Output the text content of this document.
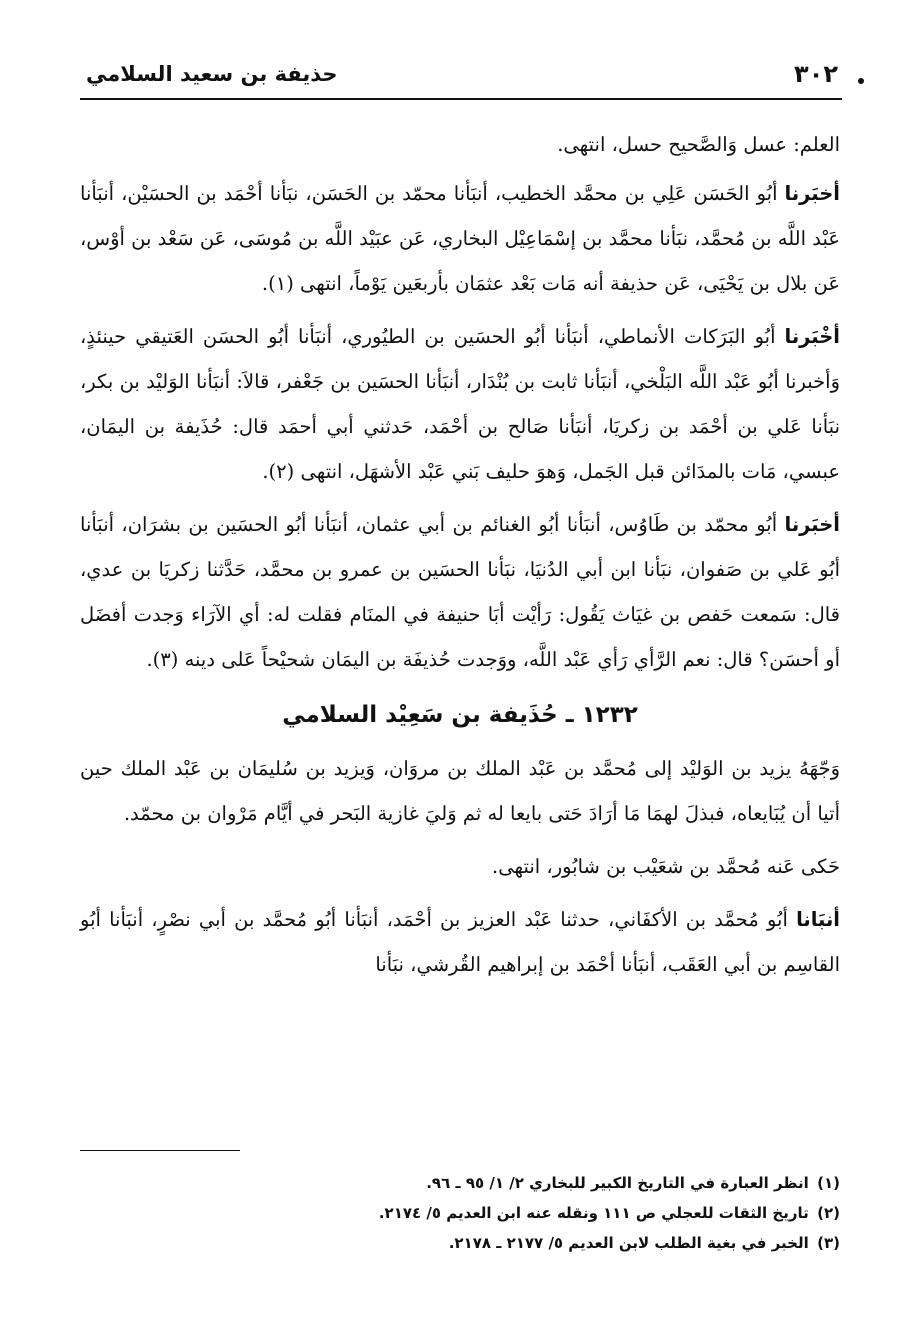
٣٠٢
حذيفة بن سعيد السلامي

العلم: عسل وَالصَّحيح حسل، انتهى.

أخبَرنا أبُو الحَسَن عَلِي بن محمَّد الخطيب، أنبَأنا محمّد بن الحَسَن، نبَأنا أحْمَد بن الحسَيْن، أنبَأنا عَبْد اللَّه بن مُحمَّد، نبَأنا محمَّد بن إسْمَاعِيْل البخاري، عَن عبَيْد اللَّه بن مُوسَى، عَن سَعْد بن أوْس، عَن بلال بن يَحْيَى، عَن حذيفة أنه مَات بَعْد عثمَان بأربعَين يَوْماً، انتهى (١).

أخْبَرنا أبُو البَرَكات الأنماطي، أنبَأنا أبُو الحسَين بن الطيُوري، أنبَأنا أبُو الحسَن العَتيقي حينئذٍ، وَأخبرنا أبُو عَبْد اللَّه البَلْخي، أنبَأنا ثابت بن بُنْدَار، أنبَأنا الحسَين بن جَعْفر، قالاَ: أنبَأنا الوَليْد بن بكر، نبَأنا عَلي بن أحْمَد بن زكريَا، أنبَأنا صَالح بن أحْمَد، حَدثني أبي أحمَد قال: حُذَيفة بن اليمَان، عبسي، مَات بالمدَائن قبل الجَمل، وَهوَ حليف بَني عَبْد الأشهَل، انتهى (٢).

أخبَرنا أبُو محمّد بن طَاوُس، أنبَأنا أبُو الغنائم بن أبي عثمان، أنبَأنا أبُو الحسَين بن بشرَان، أنبَأنا أبُو عَلي بن صَفوان، نبَأنا ابن أبي الدُنيَا، نبَأنا الحسَين بن عمرو بن محمَّد، حَدَّثنا زكريَا بن عدي، قال: سَمعت حَفص بن غيَاث يَقُول: رَأيْت أبَا حنيفة في المنَام فقلت له: أي الآرَاء وَجدت أفضَل أو أحسَن؟ قال: نعم الرَّأي رَأي عَبْد اللَّه، ووَجدت حُذيفَة بن اليمَان شحيْحاً عَلى دينه (٣).

١٢٣٢ ـ حُذَيفة بن سَعِيْد السلامي

وَجّهَهُ يزيد بن الوَليْد إلى مُحمَّد بن عَبْد الملك بن مروَان، وَيزيد بن سُليمَان بن عَبْد الملك حين أتيا أن يُبَايعاه، فبذلَ لهمَا مَا أرَادَ حَتى بايعا له ثم وَليَ غازية البَحر في أيَّام مَرْوان بن محمّد.

حَكى عَنه مُحمَّد بن شعَيْب بن شابُور، انتهى.

أنبَانا أبُو مُحمَّد بن الأكفَاني، حدثنا عَبْد العزيز بن أحْمَد، أنبَأنا أبُو مُحمَّد بن أبي نصْرٍ، أنبَأنا أبُو القاسِم بن أبي العَقَب، أنبَأنا أحْمَد بن إبراهيم القُرشي، نبَأنا

(١) انظر العبارة في التاريخ الكبير للبخاري ٢/ ١/ ٩٥ ـ ٩٦.
(٢) تاريخ الثقات للعجلي ص ١١١ ونقله عنه ابن العديم ٥/ ٢١٧٤.
(٣) الخبر في بغية الطلب لابن العديم ٥/ ٢١٧٧ ـ ٢١٧٨.
